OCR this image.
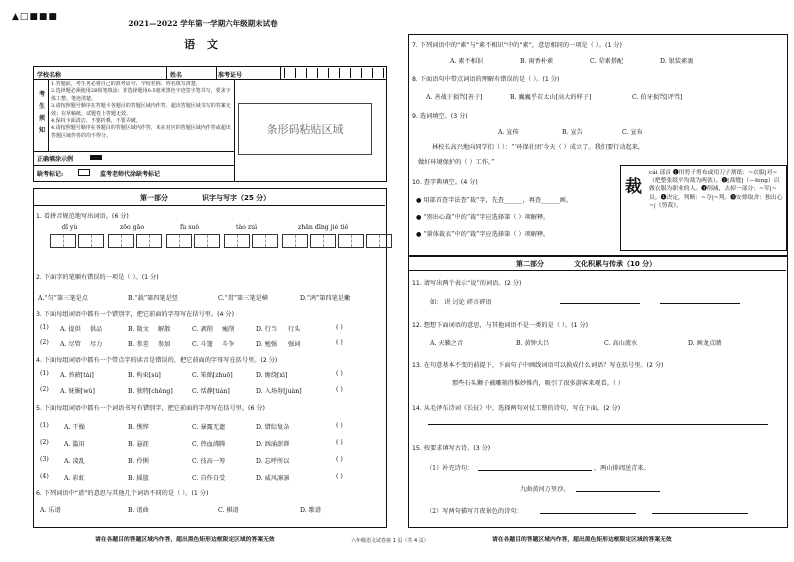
▲□■■■
2021—2022 学年第一学期六年级期末试卷
语 文
学校名称	姓名	准考证号
考
生
须
知
1.答题前，考生务必将自己的准考证号、学校名称、姓名填写清楚。
2.选择题必须使用2B铅笔填涂；非选择题用0.5毫米黑色字迹签字笔书写，要求字体工整、笔迹清楚。
3.请按照题号顺序在答题卡各题目的答题区域内作答，超出答题区域书写的答案无效；在草稿纸、试题卷上答题无效。
4.保持卡面清洁，不要折叠，不要弄破。
4.请按照题号顺序在各题目的答题区域内作答，未在对应的答题区域内作答或超出答题区域作答的均不得分。
正确填涂示例
缺考标记:	监考老师代涂缺考标记
条形码粘贴区域
第一部分	识字与写字（25 分）
1. 看拼音规范地写出词语。(6 分)
dǐ yù	zōo gāo	fù suǒ	tào zuì	zhān dīng jié tiě
2. 下面字的笔顺有错误的一项是（ ）。(1 分)
A.“匀”第三笔是点	B.“载”第四笔是竖	C.“贯”第三笔是横	D.“鸿”第四笔是撇
3. 下面每组词语中都有一个错别字，把它前面的字母写在括号里。(4 分)
(1) A. 提供 供品	B. 散文 解散	C. 剥削 瘦削	D. 行当 行头	( )
(2) A. 尽管 尽力	B. 参差 参加	C. 斗篷 斗争	D. 勉强 强词	( )
4. 下面每组词语中都有一个带点字的读音是错误的，把它前面的字母写在括号里。(2 分)
(1) A. 苔藓[tái]	B. 构束[sù]	C. 笨拙[zhuō]	D. 缠绕[xì]	( )
(2) A. 妩媚[wǔ]	B. 独特[chěng]	C. 恬静[tián]	D. 入场券[juàn]	( )
5. 下面每组词语中都有一个词语书写有错别字，把它前面的字母写在括号里。(6 分)
(1) A. 干燥	B. 憔悴	C. 暴露无遗	D. 错综复杂	( )
(2) A. 滥用	B. 悬涯	C. 热血沸腾	D. 汹涌澎湃	( )
(3) A. 凌乱	B. 伶俐	C. 技高一筹	D. 忘呼所以	( )
(4) A. 彩虹	B. 摇篮	C. 自作自受	D. 威风凛凛	( )
6. 下列词语中“谱”的意思与其他几个词语不同的是（ ）。(1 分)
A. 乐谱	B. 谱曲	C. 棋谱	D. 歌谱
请在各题目的答题区域内作答，超出黑色矩形边框限定区域的答案无效
7. 下列词语中的“素”与“素不相识”中的“素”，意思相同的一项是（ ）。(1 分)
A. 素不相识	B. 雨香朴素	C. 荤素搭配	D. 银装素裹
8. 下面语句中带点词语的理解有错误的是（ ）。(1 分)
A. 善战于损骂[善于]	B. 巍巍乎若太山[高大的样子]	C. 伯牙损骂[评骂]
9. 选词填空。(3 分)
A. 宣传	B. 宣告	C. 宣布
林校长高兴地向同学们（ ）：“‘环保社团’今天（ ）成立了。我们要行动起来，
做好环境保护的（ ）工作。”
10. 查字典填空。(4 分)
● 用部首查字法查“裁”字，先查______，再查______画。
● “别出心裁”中的“裁”字应选择第（ ）项解释。
● “量体裁衣”中的“裁”字应选择第（ ）项解释。
裁
cái 部首 ❶用剪子剪布或用刀子割纸：~衣服|对~（把整张纸平均裁为两张）。❷[裁缝]（—feng）以做衣服为职业的人。❸削减，去掉一部分：~军|~员。❹决定，判断：~夺|~判。❺安排取舍：独出心~|《剪裁》。
第二部分	文化积累与传承（10 分）
11. 请写出两个表示“说”的词语。(2 分)
如： 讲 讨论 碎言碎语
12. 想想下面词语的意思，与其他词语不是一类的是（ ）。(1 分)
A. 天籁之音	B. 黄钟大吕	C. 高山流水	D. 画龙点睛
13. 在句意基本不变的前提下，下面句子中画线词语可以换成什么词语？写在括号里。(2 分)
那些石头狮子被雕刻得惟妙惟肖，吸引了很多游客来观看。（ ）
14. 从毛泽东诗词《长征》中，选择两句对仗工整的诗句，写在下面。(2 分)
15. 按要求填写古诗。(3 分)
（1）补充诗句：	，两山排闼送青来。
九曲黄河万里沙，
（2）写两句描写月夜景色的诗句：
六年级语文试卷第 1 页（共 4 页）	请在各题目的答题区域内作答，超出黑色矩形边框限定区域的答案无效
